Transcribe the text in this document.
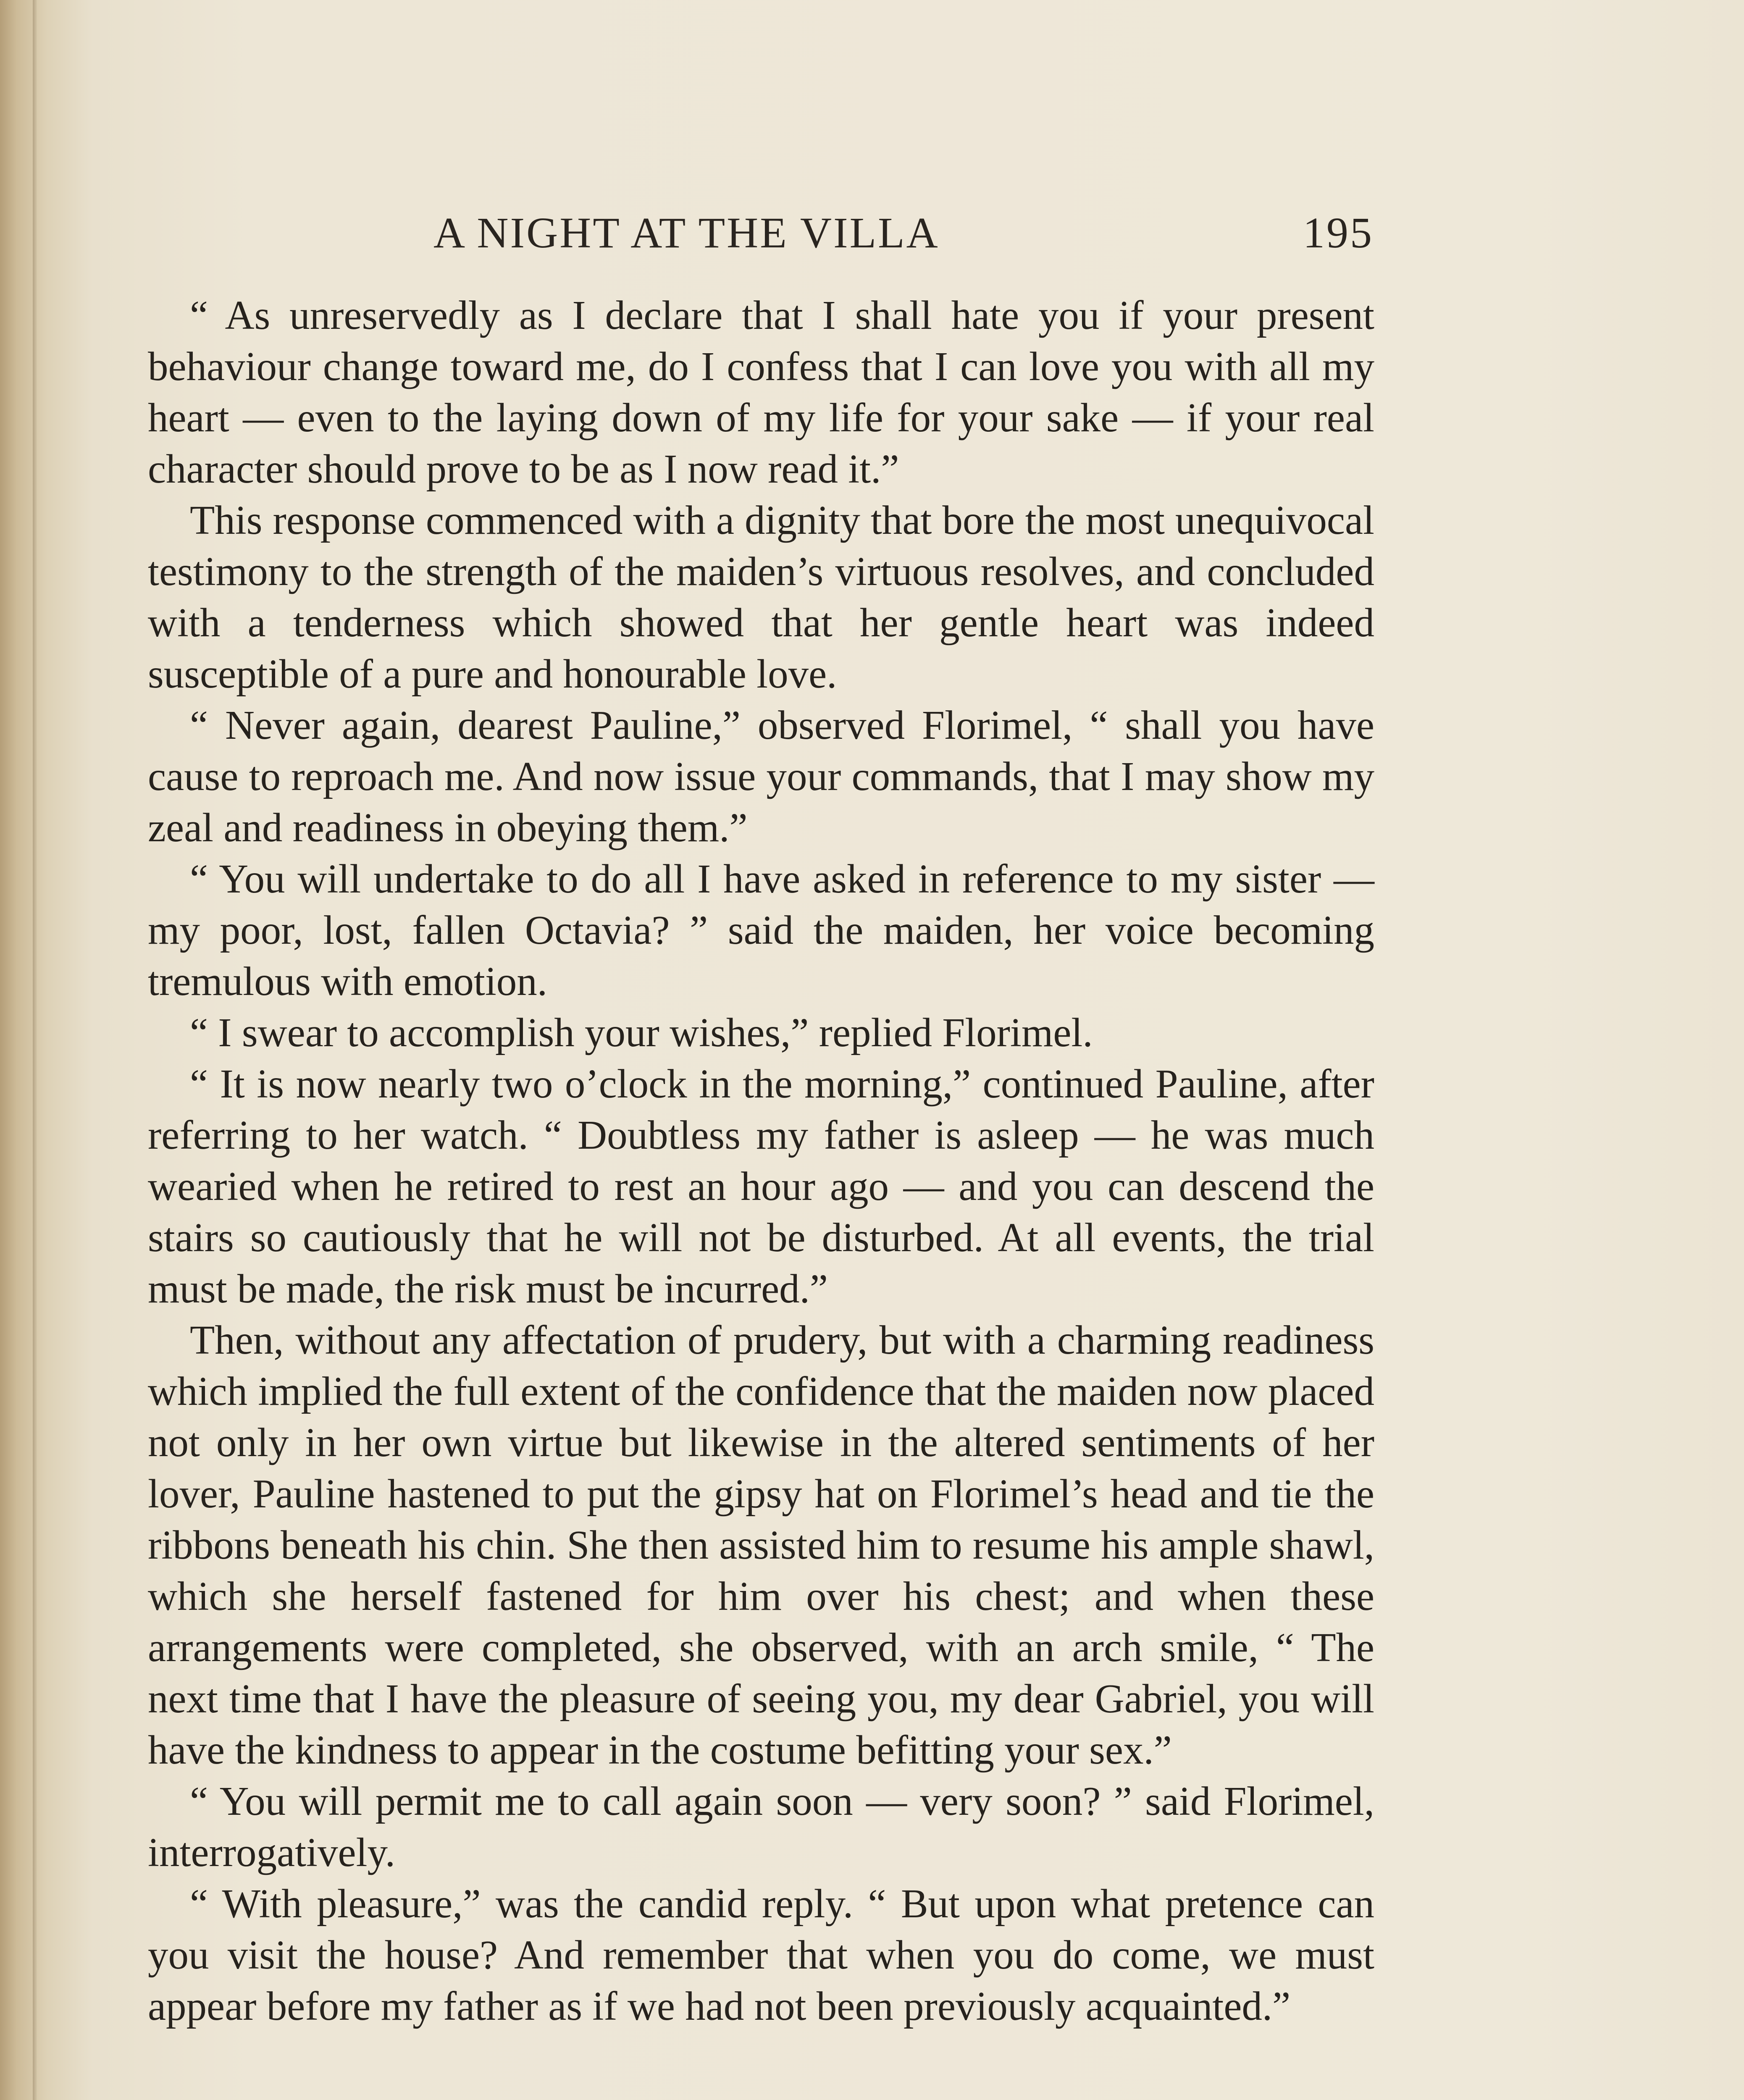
A NIGHT AT THE VILLA	195

“ As unreservedly as I declare that I shall hate you if your present behaviour change toward me, do I confess that I can love you with all my heart — even to the laying down of my life for your sake — if your real character should prove to be as I now read it.”

This response commenced with a dignity that bore the most unequivocal testimony to the strength of the maiden’s virtuous resolves, and concluded with a tenderness which showed that her gentle heart was indeed susceptible of a pure and honourable love.

“ Never again, dearest Pauline,” observed Florimel, “ shall you have cause to reproach me. And now issue your commands, that I may show my zeal and readiness in obeying them.”

“ You will undertake to do all I have asked in reference to my sister — my poor, lost, fallen Octavia? ” said the maiden, her voice becoming tremulous with emotion.

“ I swear to accomplish your wishes,” replied Florimel.

“ It is now nearly two o’clock in the morning,” continued Pauline, after referring to her watch. “ Doubtless my father is asleep — he was much wearied when he retired to rest an hour ago — and you can descend the stairs so cautiously that he will not be disturbed. At all events, the trial must be made, the risk must be incurred.”

Then, without any affectation of prudery, but with a charming readiness which implied the full extent of the confidence that the maiden now placed not only in her own virtue but likewise in the altered sentiments of her lover, Pauline hastened to put the gipsy hat on Florimel’s head and tie the ribbons beneath his chin. She then assisted him to resume his ample shawl, which she herself fastened for him over his chest; and when these arrangements were completed, she observed, with an arch smile, “ The next time that I have the pleasure of seeing you, my dear Gabriel, you will have the kindness to appear in the costume befitting your sex.”

“ You will permit me to call again soon — very soon? ” said Florimel, interrogatively.

“ With pleasure,” was the candid reply. “ But upon what pretence can you visit the house? And remember that when you do come, we must appear before my father as if we had not been previously acquainted.”
